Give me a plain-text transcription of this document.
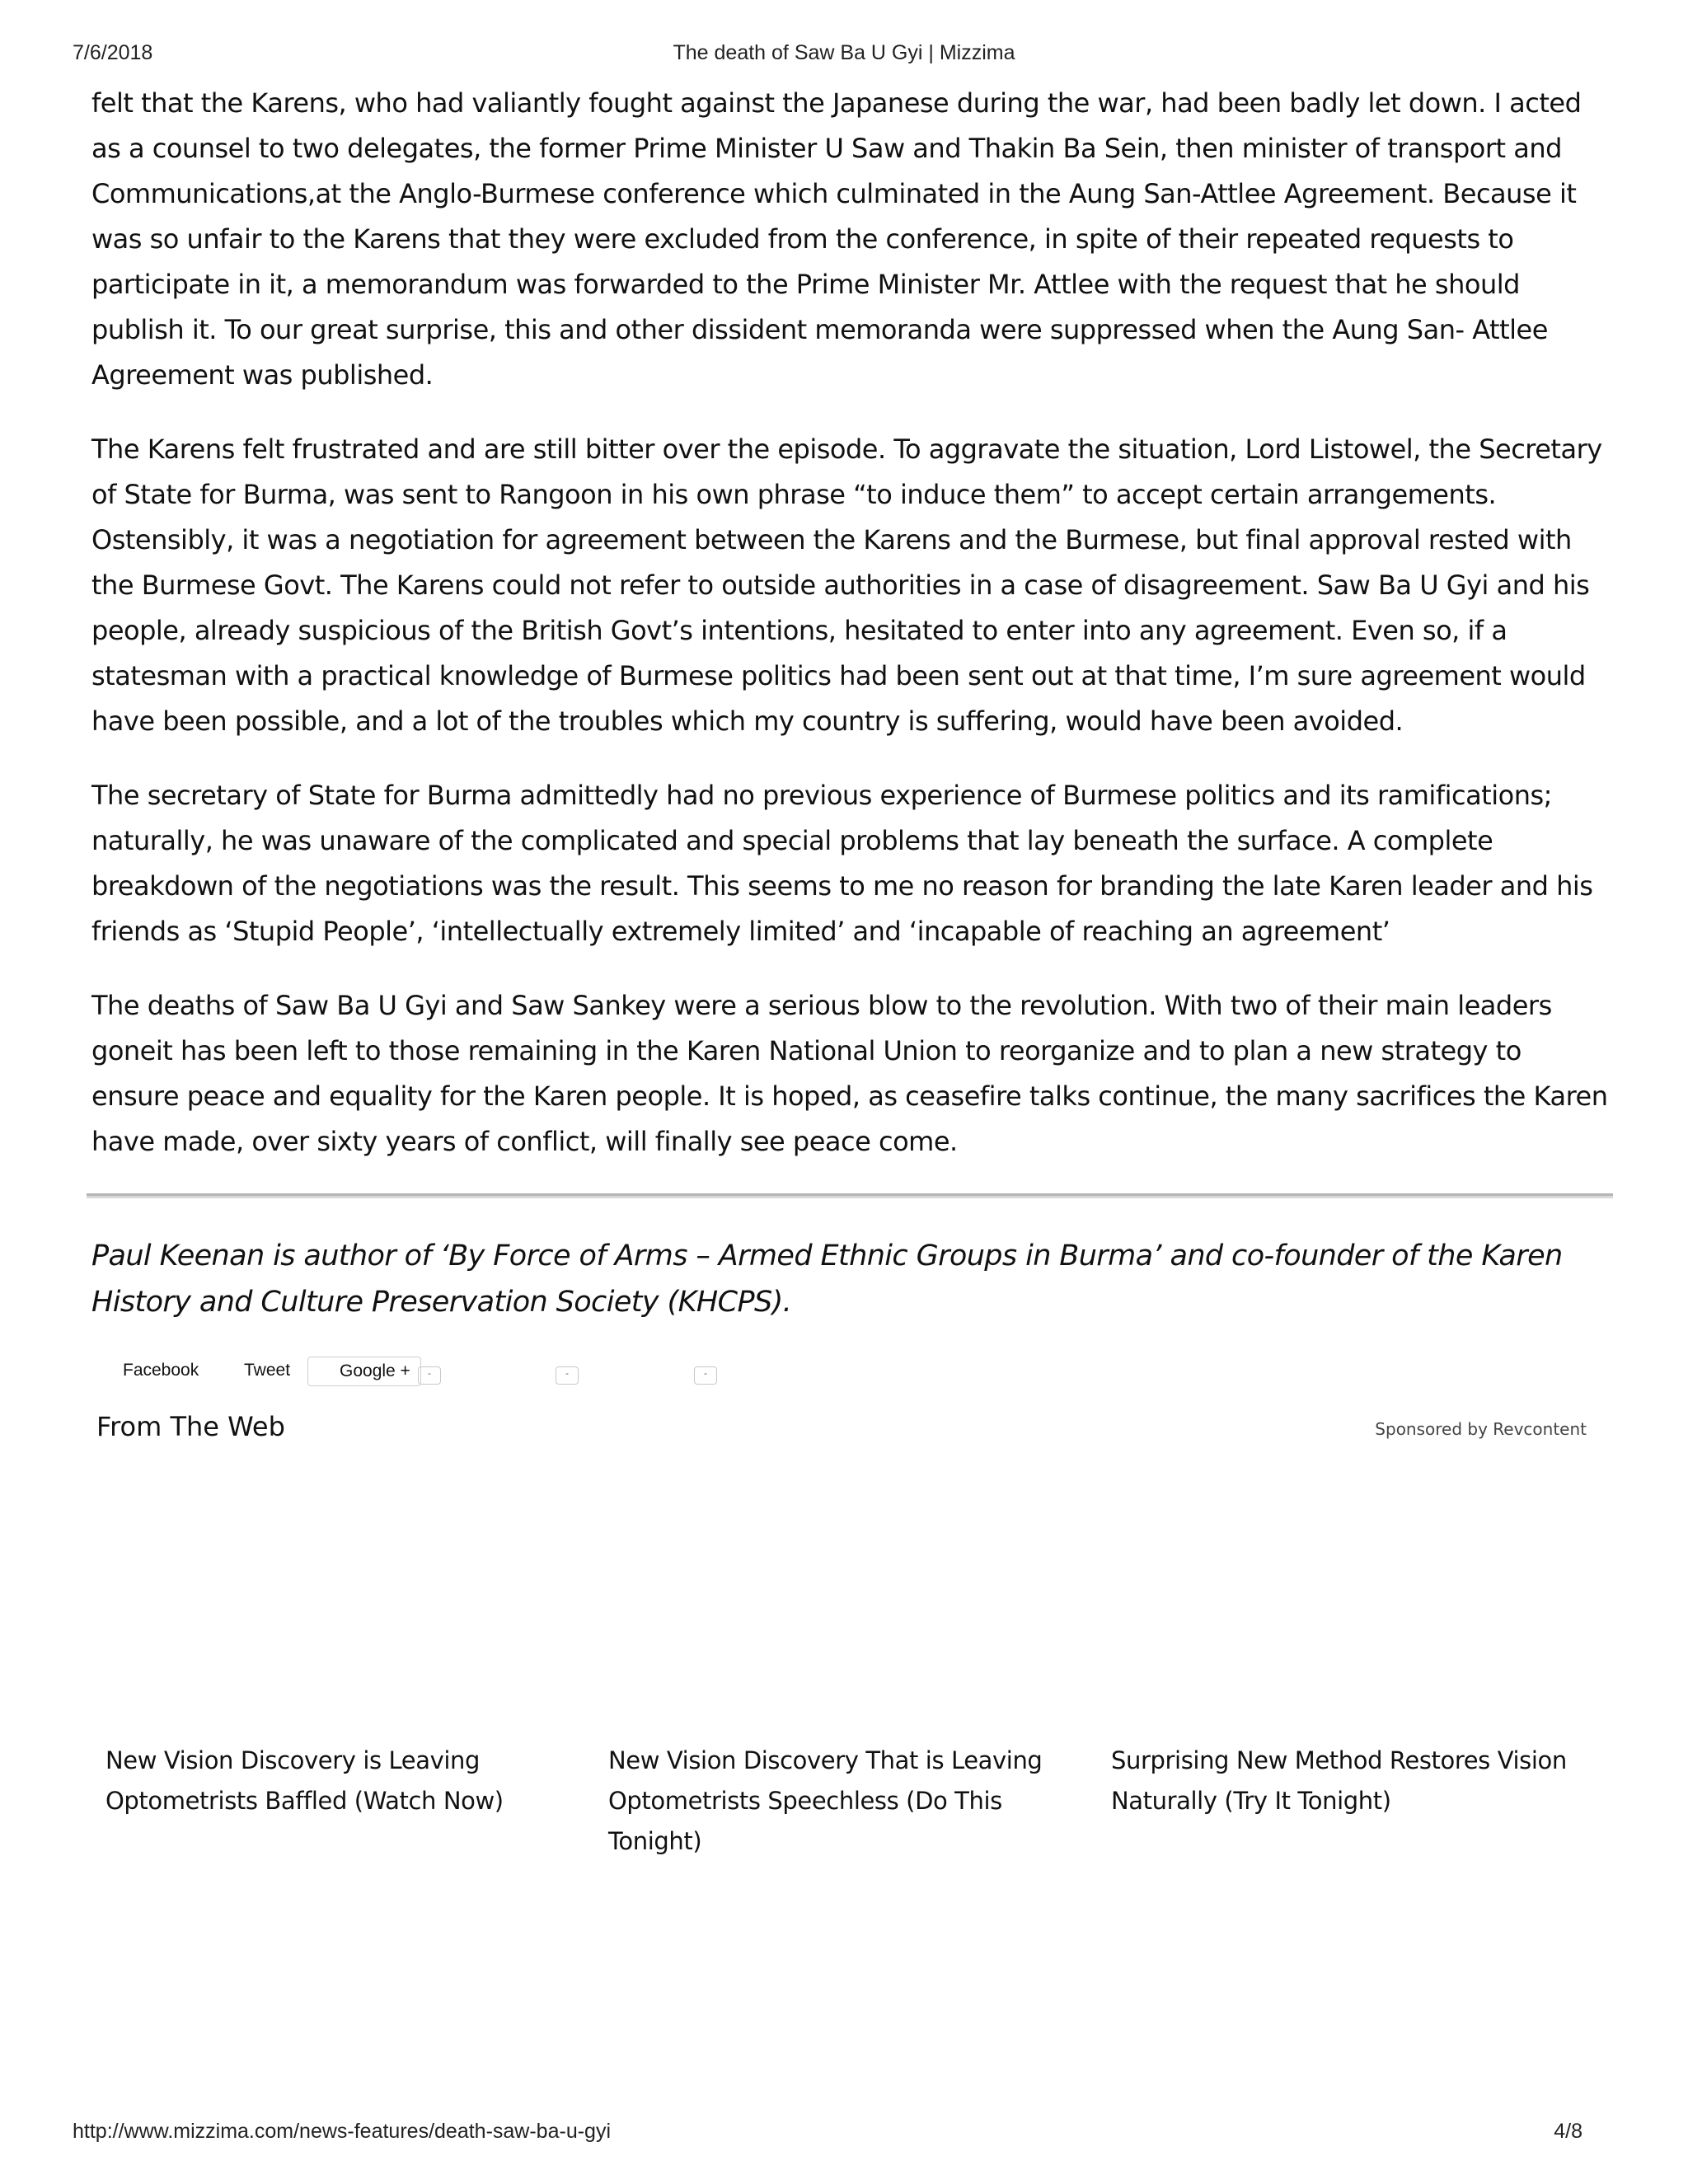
7/6/2018	The death of Saw Ba U Gyi | Mizzima

felt that the Karens, who had valiantly fought against the Japanese during the war, had been badly let down. I acted as a counsel to two delegates, the former Prime Minister U Saw and Thakin Ba Sein, then minister of transport and Communications,at the Anglo-Burmese conference which culminated in the Aung San-Attlee Agreement. Because it was so unfair to the Karens that they were excluded from the conference, in spite of their repeated requests to participate in it, a memorandum was forwarded to the Prime Minister Mr. Attlee with the request that he should publish it. To our great surprise, this and other dissident memoranda were suppressed when the Aung San- Attlee Agreement was published.

The Karens felt frustrated and are still bitter over the episode. To aggravate the situation, Lord Listowel, the Secretary of State for Burma, was sent to Rangoon in his own phrase “to induce them” to accept certain arrangements. Ostensibly, it was a negotiation for agreement between the Karens and the Burmese, but final approval rested with the Burmese Govt. The Karens could not refer to outside authorities in a case of disagreement. Saw Ba U Gyi and his people, already suspicious of the British Govt’s intentions, hesitated to enter into any agreement. Even so, if a statesman with a practical knowledge of Burmese politics had been sent out at that time, I’m sure agreement would have been possible, and a lot of the troubles which my country is suffering, would have been avoided.

The secretary of State for Burma admittedly had no previous experience of Burmese politics and its ramifications; naturally, he was unaware of the complicated and special problems that lay beneath the surface. A complete breakdown of the negotiations was the result. This seems to me no reason for branding the late Karen leader and his friends as ‘Stupid People’, ‘intellectually extremely limited’ and ‘incapable of reaching an agreement’

The deaths of Saw Ba U Gyi and Saw Sankey were a serious blow to the revolution. With two of their main leaders goneit has been left to those remaining in the Karen National Union to reorganize and to plan a new strategy to ensure peace and equality for the Karen people. It is hoped, as ceasefire talks continue, the many sacrifices the Karen have made, over sixty years of conflict, will finally see peace come.

Paul Keenan is author of ‘By Force of Arms – Armed Ethnic Groups in Burma’ and co-founder of the Karen History and Culture Preservation Society (KHCPS).

Facebook	Tweet	Google +	-	-	-
From The Web	Sponsored by Revcontent
New Vision Discovery is Leaving Optometrists Baffled (Watch Now)
New Vision Discovery That is Leaving Optometrists Speechless (Do This Tonight)
Surprising New Method Restores Vision Naturally (Try It Tonight)
http://www.mizzima.com/news-features/death-saw-ba-u-gyi	4/8
